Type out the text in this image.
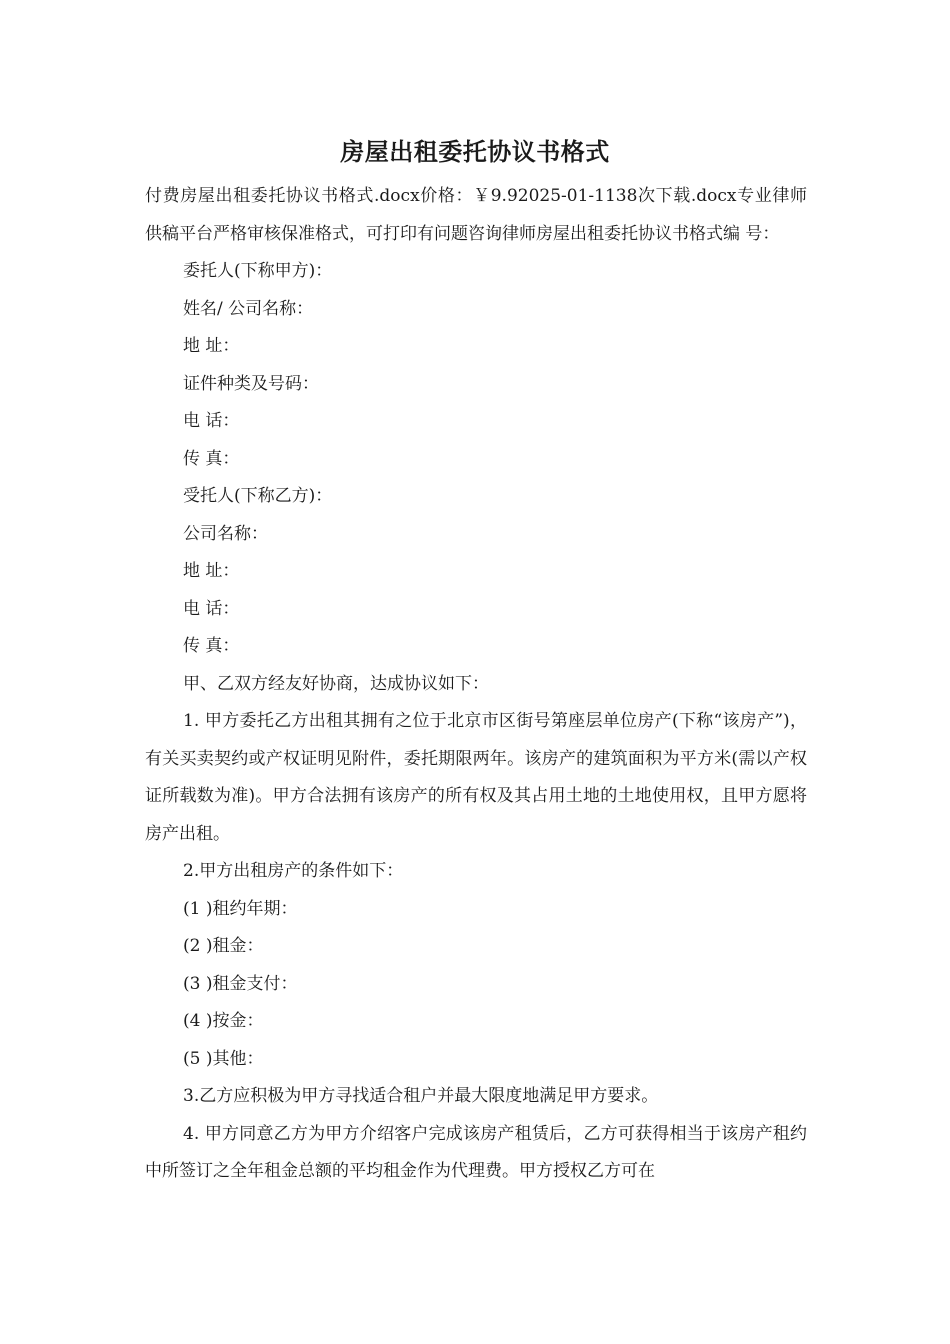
房屋出租委托协议书格式

付费房屋出租委托协议书格式.docx价格：￥9.92025-01-1138次下载.docx专业律师供稿平台严格审核保准格式，可打印有问题咨询律师房屋出租委托协议书格式编 号：

委托人(下称甲方)：

姓名/ 公司名称：

地 址：

证件种类及号码：

电 话：

传 真：

受托人(下称乙方)：

公司名称：

地 址：

电 话：

传 真：

甲、乙双方经友好协商，达成协议如下：

1. 甲方委托乙方出租其拥有之位于北京市区街号第座层单位房产(下称“该房产”)，有关买卖契约或产权证明见附件，委托期限两年。该房产的建筑面积为平方米(需以产权证所载数为准)。甲方合法拥有该房产的所有权及其占用土地的土地使用权，且甲方愿将房产出租。

2.甲方出租房产的条件如下：

(1 )租约年期：

(2 )租金：

(3 )租金支付：

(4 )按金：

(5 )其他：

3.乙方应积极为甲方寻找适合租户并最大限度地满足甲方要求。

4. 甲方同意乙方为甲方介绍客户完成该房产租赁后，乙方可获得相当于该房产租约中所签订之全年租金总额的平均租金作为代理费。甲方授权乙方可在
